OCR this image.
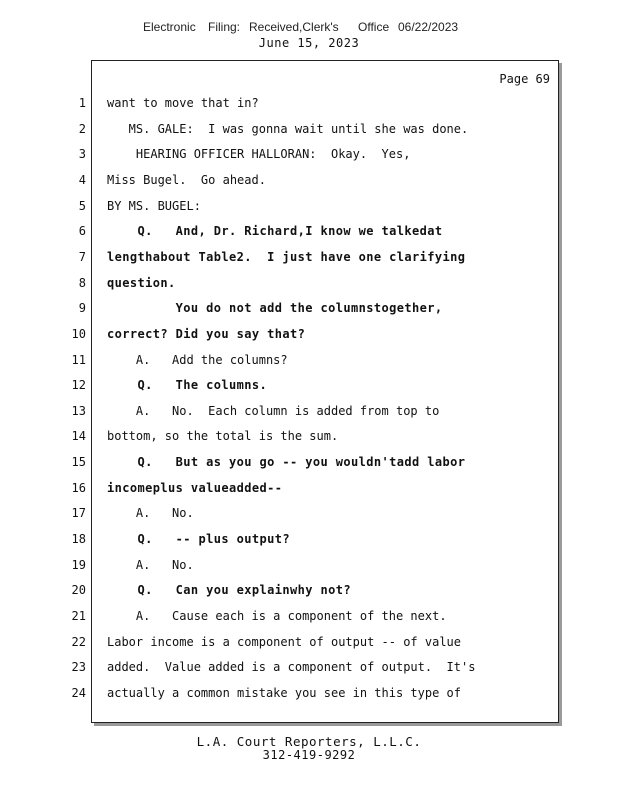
Electronic Filing: Received,Clerk's Office 06/22/2023
June 15, 2023
Page 69
1 want to move that in?
2 MS. GALE:  I was gonna wait until she was done.
3 HEARING OFFICER HALLORAN:  Okay.  Yes,
4 Miss Bugel.  Go ahead.
5 BY MS. BUGEL:
6 Q.   And, Dr. Richard,I know we talkedat
7 lengthabout Table2.  I just have one clarifying
8 question.
9 You do not add the columnstogether,
10 correct? Did you say that?
11 A.   Add the columns?
12 Q.   The columns.
13 A.   No.  Each column is added from top to
14 bottom, so the total is the sum.
15 Q.   But as you go -- you wouldn'tadd labor
16 incomeplus valueadded--
17 A.   No.
18 Q.   -- plus output?
19 A.   No.
20 Q.   Can you explainwhy not?
21 A.   Cause each is a component of the next.
22 Labor income is a component of output -- of value
23 added.  Value added is a component of output.  It's
24 actually a common mistake you see in this type of
L.A. Court Reporters, L.L.C.
312-419-9292
